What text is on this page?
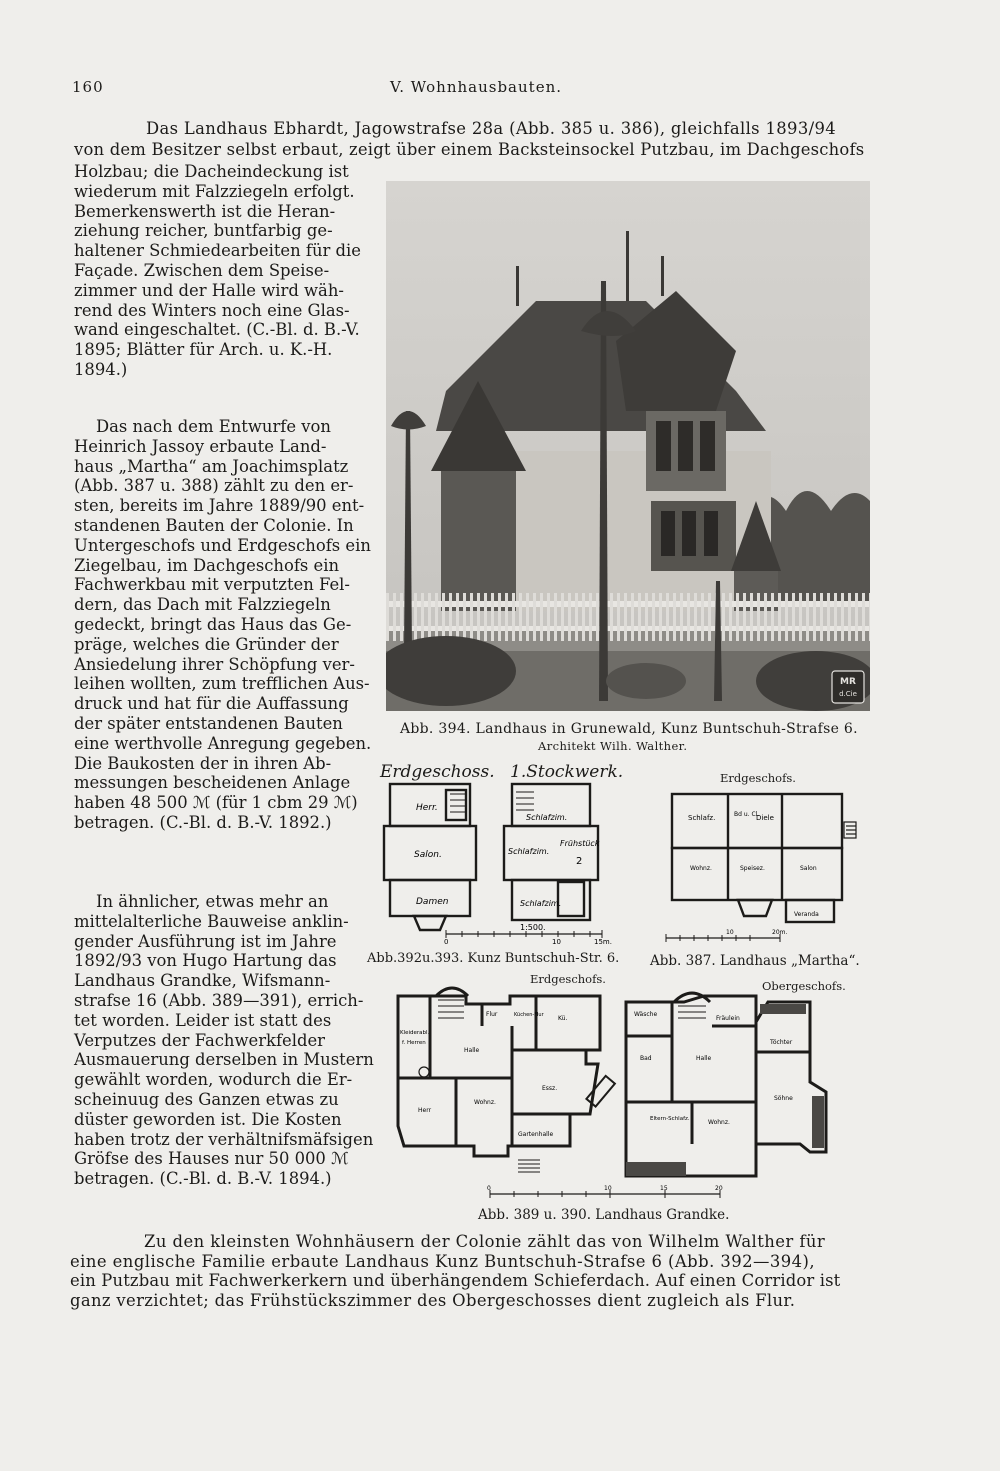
160	V. Wohnhausbauten.
Das Landhaus Ebhardt, Jagowstrafse 28a (Abb. 385 u. 386), gleichfalls 1893/94
von dem Besitzer selbst erbaut, zeigt über einem Backsteinsockel Putzbau, im Dachgeschofs
Holzbau; die Dacheindeckung ist
wiederum mit Falzziegeln erfolgt.
Bemerkenswerth ist die Heran-
ziehung reicher, buntfarbig ge-
haltener Schmiedearbeiten für die
Façade. Zwischen dem Speise-
zimmer und der Halle wird wäh-
rend des Winters noch eine Glas-
wand eingeschaltet. (C.-Bl. d. B.-V.
1895; Blätter für Arch. u. K.-H.
1894.)
Das nach dem Entwurfe von
Heinrich Jassoy erbaute Land-
haus „Martha“ am Joachimsplatz
(Abb. 387 u. 388) zählt zu den er-
sten, bereits im Jahre 1889/90 ent-
standenen Bauten der Colonie. In
Untergeschofs und Erdgeschofs ein
Ziegelbau, im Dachgeschofs ein
Fachwerkbau mit verputzten Fel-
dern, das Dach mit Falzziegeln
gedeckt, bringt das Haus das Ge-
präge, welches die Gründer der
Ansiedelung ihrer Schöpfung ver-
leihen wollten, zum trefflichen Aus-
druck und hat für die Auffassung
der später entstandenen Bauten
eine werthvolle Anregung gegeben.
Die Baukosten der in ihren Ab-
messungen bescheidenen Anlage
haben 48 500 ℳ (für 1 cbm 29 ℳ)
betragen. (C.-Bl. d. B.-V. 1892.)
In ähnlicher, etwas mehr an
mittelalterliche Bauweise anklin-
gender Ausführung ist im Jahre
1892/93 von Hugo Hartung das
Landhaus Grandke, Wifsmann-
strafse 16 (Abb. 389—391), errich-
tet worden. Leider ist statt des
Verputzes der Fachwerkfelder
Ausmauerung derselben in Mustern
gewählt worden, wodurch die Er-
scheinuug des Ganzen etwas zu
düster geworden ist. Die Kosten
haben trotz der verhältnifsmäfsigen
Gröfse des Hauses nur 50 000 ℳ
betragen. (C.-Bl. d. B.-V. 1894.)
Zu den kleinsten Wohnhäusern der Colonie zählt das von Wilhelm Walther für
eine englische Familie erbaute Landhaus Kunz Buntschuh-Strafse 6 (Abb. 392—394),
ein Putzbau mit Fachwerkerkern und überhängendem Schieferdach. Auf einen Corridor ist
ganz verzichtet; das Frühstückszimmer des Obergeschosses dient zugleich als Flur.
MR
d.Cie
Abb. 394. Landhaus in Grunewald, Kunz Buntschuh-Strafse 6.
Architekt Wilh. Walther.
Erdgeschoss. 1.Stockwerk.
Herr.
Salon.
Damen
Schlafzim.
Schlafzim.
Frühstück
2
Schlafzim.
1:500.
0	10	15m.
Abb.392u.393. Kunz Buntschuh-Str. 6.
Erdgeschofs.
Schlafz.	Bd u. Cl.
Diele
Wohnz.	Speisez.	Salon
Veranda
10	20m.
Abb. 387. Landhaus „Martha“.
Erdgeschofs.	Obergeschofs.
Flur	Küchen-Flur Kü.
Kleiderabl.
f. Herren
Halle
Herr
Wohnz.
Essz.
Gartenhalle
Wäsche
Fräulein
Töchter
Bad	Halle
Söhne
Eltern-Schlafz.	Wohnz.
0	10	15	20
Abb. 389 u. 390. Landhaus Grandke.
